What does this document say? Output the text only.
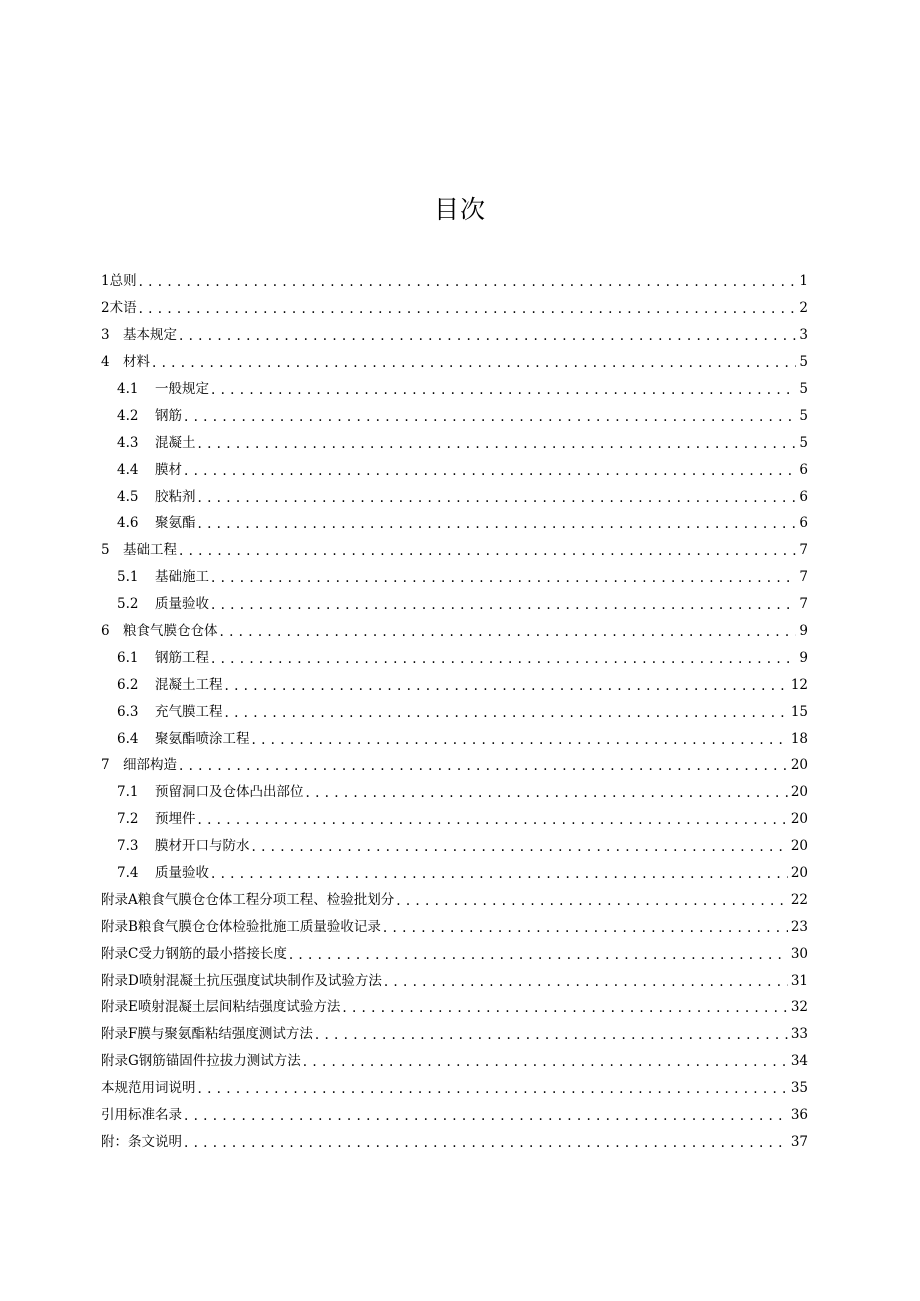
目次
1 总则 . . .	1
2 术语 . . .	2
3 基本规定 . . .	3
4 材料 . . .	5
4.1	一般规定 . . .	5
4.2	钢筋 . . .	5
4.3	混凝土 . . .	5
4.4	膜材 . . .	6
4.5	胶粘剂 . . .	6
4.6	聚氨酯 . . .	6
5 基础工程 . . .	7
5.1	基础施工 . . .	7
5.2	质量验收 . . .	7
6 粮食气膜仓仓体 . . .	9
6.1	钢筋工程 . . .	9
6.2	混凝土工程 . . .	12
6.3	充气膜工程 . . .	15
6.4	聚氨酯喷涂工程 . . .	18
7 细部构造 . . .	20
7.1	预留洞口及仓体凸出部位 . . .	20
7.2	预埋件 . . .	20
7.3	膜材开口与防水 . . .	20
7.4	质量验收 . . .	20
附录A粮食气膜仓仓体工程分项工程、检验批划分 . . .	22
附录B粮食气膜仓仓体检验批施工质量验收记录 . . .	23
附录C受力钢筋的最小搭接长度 . . .	30
附录D喷射混凝土抗压强度试块制作及试验方法 . . .	31
附录E喷射混凝土层间粘结强度试验方法 . . .	32
附录F膜与聚氨酯粘结强度测试方法 . . .	33
附录G钢筋锚固件拉拔力测试方法 . . .	34
本规范用词说明 . . .	35
引用标准名录 . . .	36
附：条文说明 . . .	37
